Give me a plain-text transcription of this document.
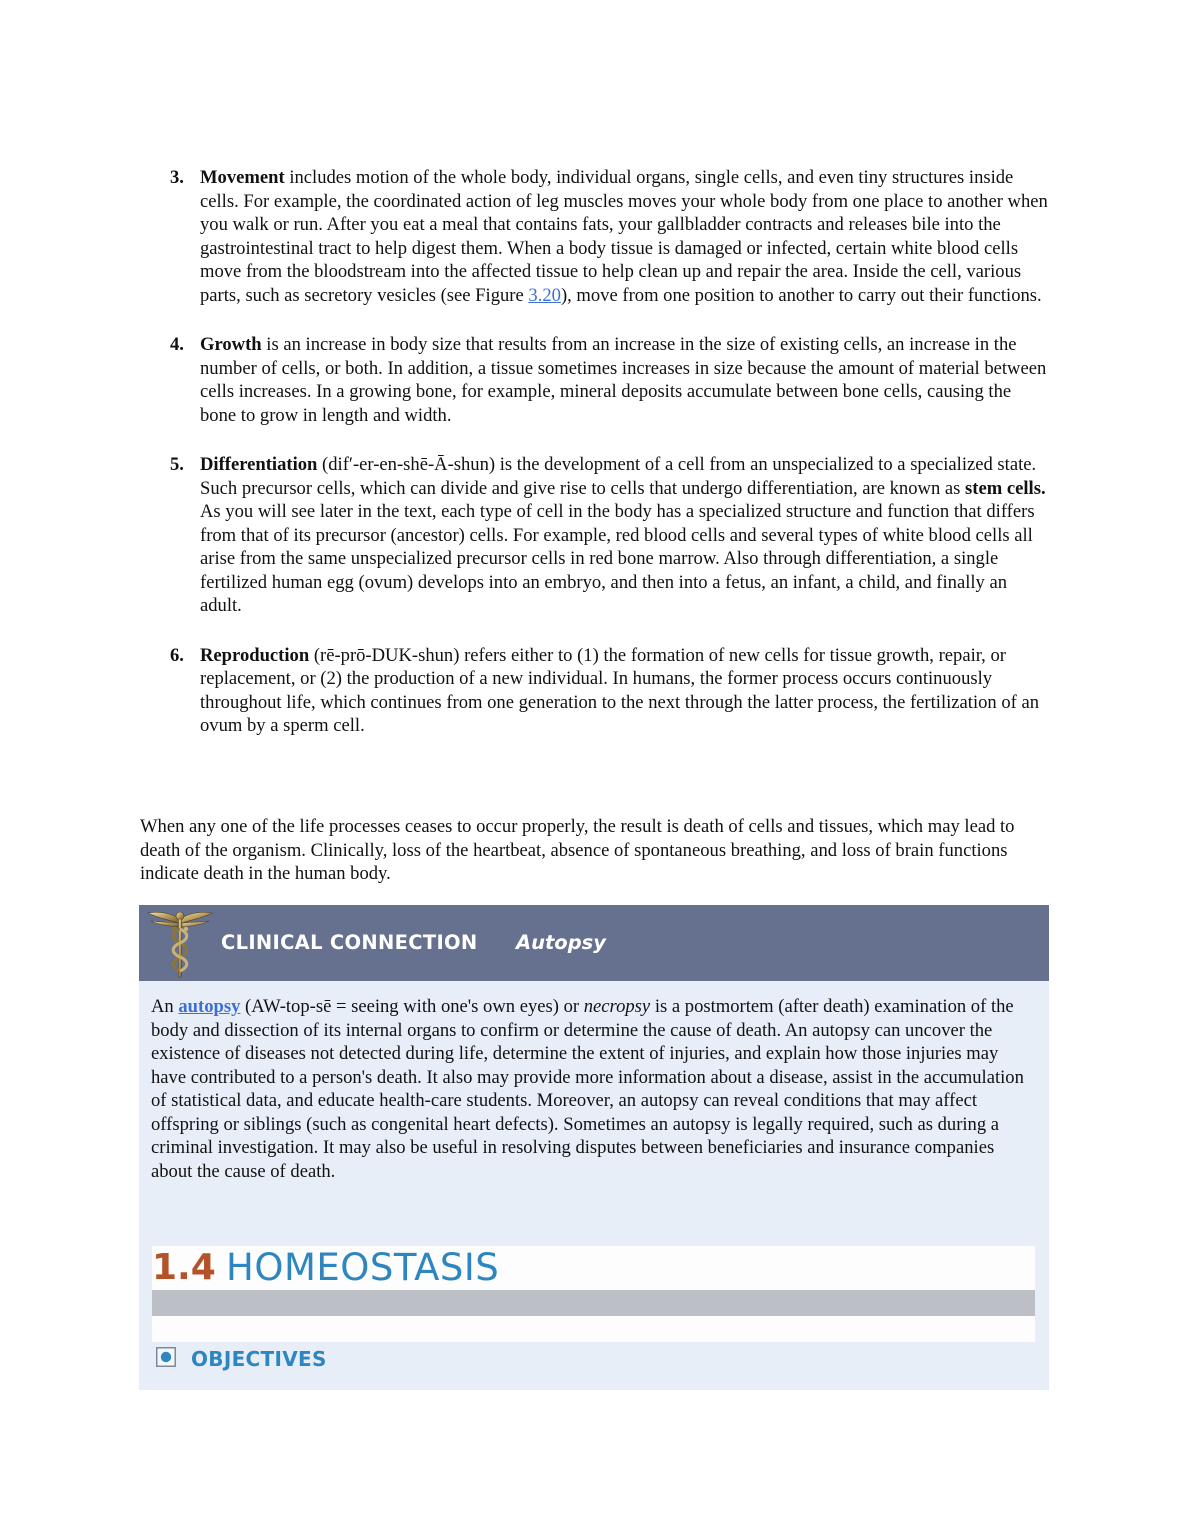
3. Movement includes motion of the whole body, individual organs, single cells, and even tiny structures inside cells. For example, the coordinated action of leg muscles moves your whole body from one place to another when you walk or run. After you eat a meal that contains fats, your gallbladder contracts and releases bile into the gastrointestinal tract to help digest them. When a body tissue is damaged or infected, certain white blood cells move from the bloodstream into the affected tissue to help clean up and repair the area. Inside the cell, various parts, such as secretory vesicles (see Figure 3.20), move from one position to another to carry out their functions.
4. Growth is an increase in body size that results from an increase in the size of existing cells, an increase in the number of cells, or both. In addition, a tissue sometimes increases in size because the amount of material between cells increases. In a growing bone, for example, mineral deposits accumulate between bone cells, causing the bone to grow in length and width.
5. Differentiation (dif′-er-en-shē-Ā-shun) is the development of a cell from an unspecialized to a specialized state. Such precursor cells, which can divide and give rise to cells that undergo differentiation, are known as stem cells. As you will see later in the text, each type of cell in the body has a specialized structure and function that differs from that of its precursor (ancestor) cells. For example, red blood cells and several types of white blood cells all arise from the same unspecialized precursor cells in red bone marrow. Also through differentiation, a single fertilized human egg (ovum) develops into an embryo, and then into a fetus, an infant, a child, and finally an adult.
6. Reproduction (rē-prō-DUK-shun) refers either to (1) the formation of new cells for tissue growth, repair, or replacement, or (2) the production of a new individual. In humans, the former process occurs continuously throughout life, which continues from one generation to the next through the latter process, the fertilization of an ovum by a sperm cell.

When any one of the life processes ceases to occur properly, the result is death of cells and tissues, which may lead to death of the organism. Clinically, loss of the heartbeat, absence of spontaneous breathing, and loss of brain functions indicate death in the human body.

CLINICAL CONNECTION Autopsy

An autopsy (AW-top-sē = seeing with one's own eyes) or necropsy is a postmortem (after death) examination of the body and dissection of its internal organs to confirm or determine the cause of death. An autopsy can uncover the existence of diseases not detected during life, determine the extent of injuries, and explain how those injuries may have contributed to a person's death. It also may provide more information about a disease, assist in the accumulation of statistical data, and educate health-care students. Moreover, an autopsy can reveal conditions that may affect offspring or siblings (such as congenital heart defects). Sometimes an autopsy is legally required, such as during a criminal investigation. It may also be useful in resolving disputes between beneficiaries and insurance companies about the cause of death.

1.4 HOMEOSTASIS
OBJECTIVES
